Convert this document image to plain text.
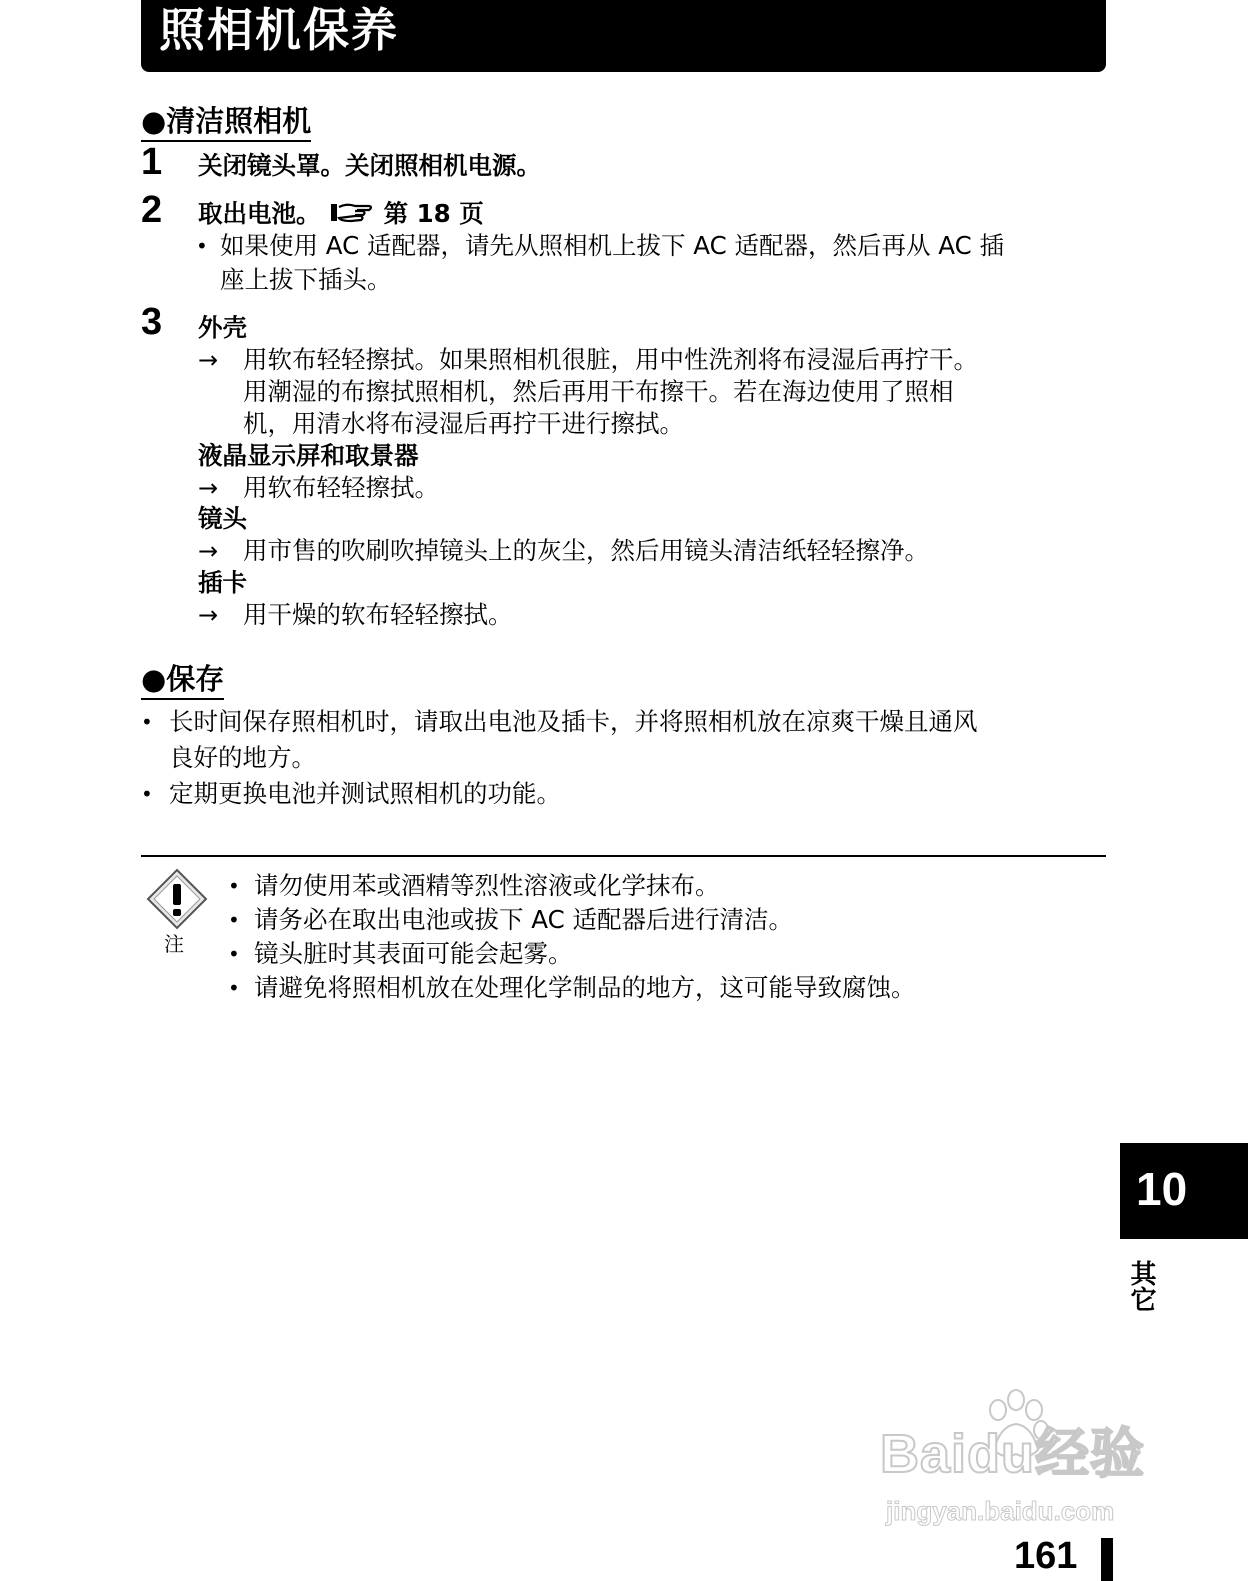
照相机保养
●清洁照相机
1 关闭镜头罩。关闭照相机电源。
2 取出电池。	第 18 页
• 如果使用 AC 适配器，请先从照相机上拔下 AC 适配器，然后再从 AC 插
座上拔下插头。
3 外壳
→ 用软布轻轻擦拭。如果照相机很脏，用中性洗剂将布浸湿后再拧干。
用潮湿的布擦拭照相机，然后再用干布擦干。若在海边使用了照相
机，用清水将布浸湿后再拧干进行擦拭。
液晶显示屏和取景器
→ 用软布轻轻擦拭。
镜头
→ 用市售的吹刷吹掉镜头上的灰尘，然后用镜头清洁纸轻轻擦净。
插卡
→ 用干燥的软布轻轻擦拭。
●保存
• 长时间保存照相机时，请取出电池及插卡，并将照相机放在凉爽干燥且通风
良好的地方。
• 定期更换电池并测试照相机的功能。
注
• 请勿使用苯或酒精等烈性溶液或化学抹布。
• 请务必在取出电池或拔下 AC 适配器后进行清洁。
• 镜头脏时其表面可能会起雾。
• 请避免将照相机放在处理化学制品的地方，这可能导致腐蚀。
10
其它
Baidu经验
jingyan.baidu.com
161
